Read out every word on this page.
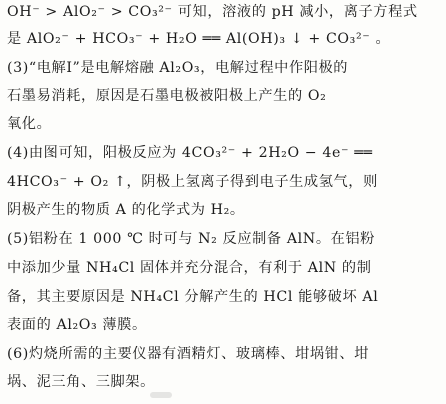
OH⁻ > AlO₂⁻ > CO₃²⁻ 可知，溶液的 pH 减小，离子方程式
是 AlO₂⁻ + HCO₃⁻ + H₂O ══ Al(OH)₃ ↓ + CO₃²⁻ 。
(3)“电解Ⅰ”是电解熔融 Al₂O₃，电解过程中作阳极的
石墨易消耗，原因是石墨电极被阳极上产生的 O₂
氧化。
(4)由图可知，阳极反应为 4CO₃²⁻ + 2H₂O − 4e⁻ ══
4HCO₃⁻ + O₂ ↑，阴极上氢离子得到电子生成氢气，则
阴极产生的物质 A 的化学式为 H₂。
(5)铝粉在 1 000 ℃ 时可与 N₂ 反应制备 AlN。在铝粉
中添加少量 NH₄Cl 固体并充分混合，有利于 AlN 的制
备，其主要原因是 NH₄Cl 分解产生的 HCl 能够破坏 Al
表面的 Al₂O₃ 薄膜。
(6)灼烧所需的主要仪器有酒精灯、玻璃棒、坩埚钳、坩
埚、泥三角、三脚架。
